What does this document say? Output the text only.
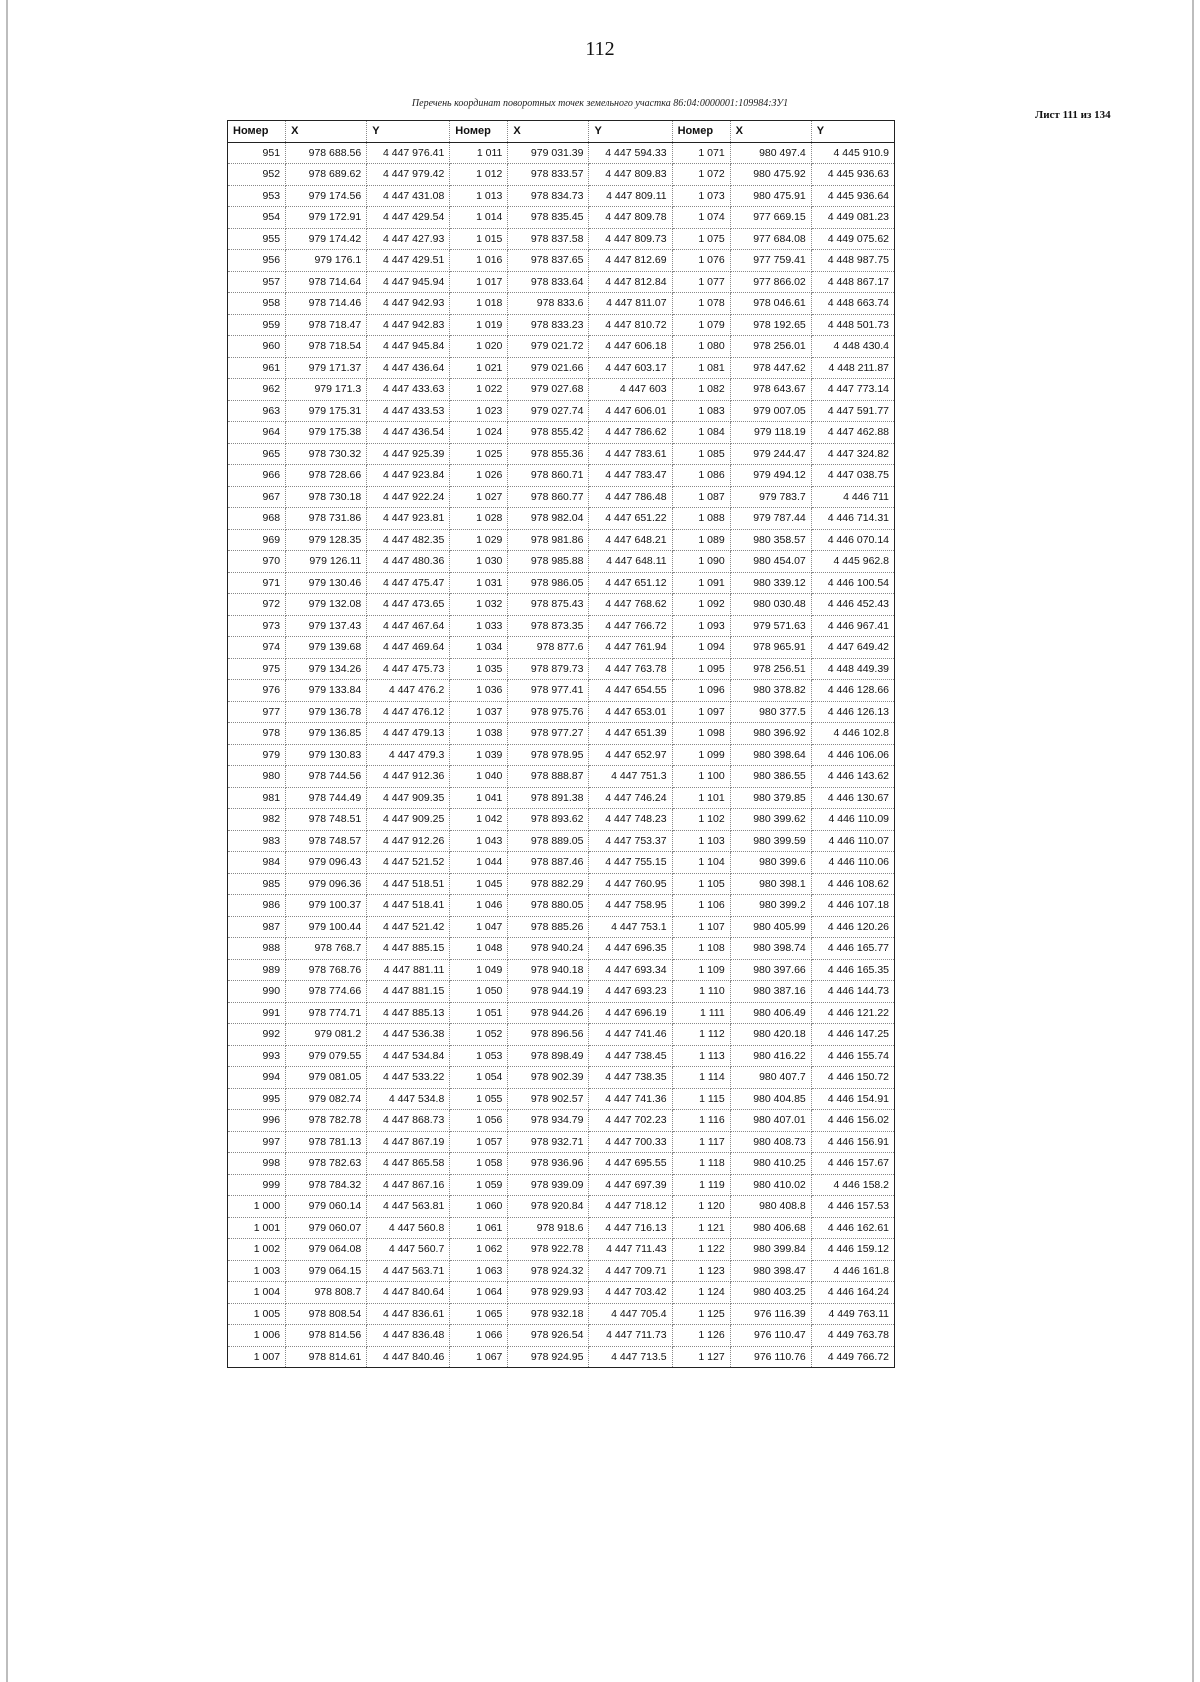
112
Перечень координат поворотных точек земельного участка 86:04:0000001:109984:ЗУ1
Лист 111 из 134
Номер	X	Y	Номер	X	Y	Номер	X	Y
951	978 688.56	4 447 976.41	1 011	979 031.39	4 447 594.33	1 071	980 497.4	4 445 910.9
952	978 689.62	4 447 979.42	1 012	978 833.57	4 447 809.83	1 072	980 475.92	4 445 936.63
953	979 174.56	4 447 431.08	1 013	978 834.73	4 447 809.11	1 073	980 475.91	4 445 936.64
954	979 172.91	4 447 429.54	1 014	978 835.45	4 447 809.78	1 074	977 669.15	4 449 081.23
955	979 174.42	4 447 427.93	1 015	978 837.58	4 447 809.73	1 075	977 684.08	4 449 075.62
956	979 176.1	4 447 429.51	1 016	978 837.65	4 447 812.69	1 076	977 759.41	4 448 987.75
957	978 714.64	4 447 945.94	1 017	978 833.64	4 447 812.84	1 077	977 866.02	4 448 867.17
958	978 714.46	4 447 942.93	1 018	978 833.6	4 447 811.07	1 078	978 046.61	4 448 663.74
959	978 718.47	4 447 942.83	1 019	978 833.23	4 447 810.72	1 079	978 192.65	4 448 501.73
960	978 718.54	4 447 945.84	1 020	979 021.72	4 447 606.18	1 080	978 256.01	4 448 430.4
961	979 171.37	4 447 436.64	1 021	979 021.66	4 447 603.17	1 081	978 447.62	4 448 211.87
962	979 171.3	4 447 433.63	1 022	979 027.68	4 447 603	1 082	978 643.67	4 447 773.14
963	979 175.31	4 447 433.53	1 023	979 027.74	4 447 606.01	1 083	979 007.05	4 447 591.77
964	979 175.38	4 447 436.54	1 024	978 855.42	4 447 786.62	1 084	979 118.19	4 447 462.88
965	978 730.32	4 447 925.39	1 025	978 855.36	4 447 783.61	1 085	979 244.47	4 447 324.82
966	978 728.66	4 447 923.84	1 026	978 860.71	4 447 783.47	1 086	979 494.12	4 447 038.75
967	978 730.18	4 447 922.24	1 027	978 860.77	4 447 786.48	1 087	979 783.7	4 446 711
968	978 731.86	4 447 923.81	1 028	978 982.04	4 447 651.22	1 088	979 787.44	4 446 714.31
969	979 128.35	4 447 482.35	1 029	978 981.86	4 447 648.21	1 089	980 358.57	4 446 070.14
970	979 126.11	4 447 480.36	1 030	978 985.88	4 447 648.11	1 090	980 454.07	4 445 962.8
971	979 130.46	4 447 475.47	1 031	978 986.05	4 447 651.12	1 091	980 339.12	4 446 100.54
972	979 132.08	4 447 473.65	1 032	978 875.43	4 447 768.62	1 092	980 030.48	4 446 452.43
973	979 137.43	4 447 467.64	1 033	978 873.35	4 447 766.72	1 093	979 571.63	4 446 967.41
974	979 139.68	4 447 469.64	1 034	978 877.6	4 447 761.94	1 094	978 965.91	4 447 649.42
975	979 134.26	4 447 475.73	1 035	978 879.73	4 447 763.78	1 095	978 256.51	4 448 449.39
976	979 133.84	4 447 476.2	1 036	978 977.41	4 447 654.55	1 096	980 378.82	4 446 128.66
977	979 136.78	4 447 476.12	1 037	978 975.76	4 447 653.01	1 097	980 377.5	4 446 126.13
978	979 136.85	4 447 479.13	1 038	978 977.27	4 447 651.39	1 098	980 396.92	4 446 102.8
979	979 130.83	4 447 479.3	1 039	978 978.95	4 447 652.97	1 099	980 398.64	4 446 106.06
980	978 744.56	4 447 912.36	1 040	978 888.87	4 447 751.3	1 100	980 386.55	4 446 143.62
981	978 744.49	4 447 909.35	1 041	978 891.38	4 447 746.24	1 101	980 379.85	4 446 130.67
982	978 748.51	4 447 909.25	1 042	978 893.62	4 447 748.23	1 102	980 399.62	4 446 110.09
983	978 748.57	4 447 912.26	1 043	978 889.05	4 447 753.37	1 103	980 399.59	4 446 110.07
984	979 096.43	4 447 521.52	1 044	978 887.46	4 447 755.15	1 104	980 399.6	4 446 110.06
985	979 096.36	4 447 518.51	1 045	978 882.29	4 447 760.95	1 105	980 398.1	4 446 108.62
986	979 100.37	4 447 518.41	1 046	978 880.05	4 447 758.95	1 106	980 399.2	4 446 107.18
987	979 100.44	4 447 521.42	1 047	978 885.26	4 447 753.1	1 107	980 405.99	4 446 120.26
988	978 768.7	4 447 885.15	1 048	978 940.24	4 447 696.35	1 108	980 398.74	4 446 165.77
989	978 768.76	4 447 881.11	1 049	978 940.18	4 447 693.34	1 109	980 397.66	4 446 165.35
990	978 774.66	4 447 881.15	1 050	978 944.19	4 447 693.23	1 110	980 387.16	4 446 144.73
991	978 774.71	4 447 885.13	1 051	978 944.26	4 447 696.19	1 111	980 406.49	4 446 121.22
992	979 081.2	4 447 536.38	1 052	978 896.56	4 447 741.46	1 112	980 420.18	4 446 147.25
993	979 079.55	4 447 534.84	1 053	978 898.49	4 447 738.45	1 113	980 416.22	4 446 155.74
994	979 081.05	4 447 533.22	1 054	978 902.39	4 447 738.35	1 114	980 407.7	4 446 150.72
995	979 082.74	4 447 534.8	1 055	978 902.57	4 447 741.36	1 115	980 404.85	4 446 154.91
996	978 782.78	4 447 868.73	1 056	978 934.79	4 447 702.23	1 116	980 407.01	4 446 156.02
997	978 781.13	4 447 867.19	1 057	978 932.71	4 447 700.33	1 117	980 408.73	4 446 156.91
998	978 782.63	4 447 865.58	1 058	978 936.96	4 447 695.55	1 118	980 410.25	4 446 157.67
999	978 784.32	4 447 867.16	1 059	978 939.09	4 447 697.39	1 119	980 410.02	4 446 158.2
1 000	979 060.14	4 447 563.81	1 060	978 920.84	4 447 718.12	1 120	980 408.8	4 446 157.53
1 001	979 060.07	4 447 560.8	1 061	978 918.6	4 447 716.13	1 121	980 406.68	4 446 162.61
1 002	979 064.08	4 447 560.7	1 062	978 922.78	4 447 711.43	1 122	980 399.84	4 446 159.12
1 003	979 064.15	4 447 563.71	1 063	978 924.32	4 447 709.71	1 123	980 398.47	4 446 161.8
1 004	978 808.7	4 447 840.64	1 064	978 929.93	4 447 703.42	1 124	980 403.25	4 446 164.24
1 005	978 808.54	4 447 836.61	1 065	978 932.18	4 447 705.4	1 125	976 116.39	4 449 763.11
1 006	978 814.56	4 447 836.48	1 066	978 926.54	4 447 711.73	1 126	976 110.47	4 449 763.78
1 007	978 814.61	4 447 840.46	1 067	978 924.95	4 447 713.5	1 127	976 110.76	4 449 766.72
